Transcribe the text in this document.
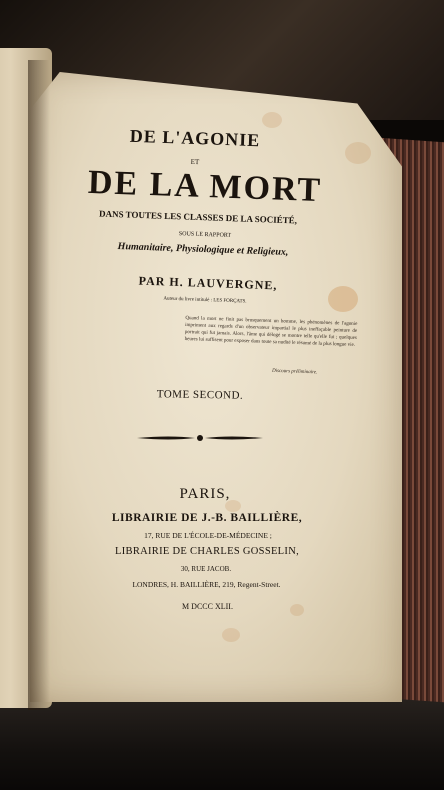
DE L'AGONIE
ET
DE LA MORT
DANS TOUTES LES CLASSES DE LA SOCIÉTÉ,
SOUS LE RAPPORT
Humanitaire, Physiologique et Religieux,
PAR H. LAUVERGNE,
Auteur du livre intitulé : LES FORÇATS.
Quand la mort ne finit pas brusquement un homme, les phénomènes de l'agonie impriment aux regards d'un observateur impartial le plus ineffaçable peinture de portrait qui fut jamais. Alors, l'âme qui délogé se montre telle qu'elle fut ; quelques heures lui suffisent pour exposer dans toute sa nudité le résumé de la plus longue vie.
Discours préliminaire.
TOME SECOND.
PARIS,
LIBRAIRIE DE J.-B. BAILLIÈRE,
17, RUE DE L'ÉCOLE-DE-MÉDECINE ;
LIBRAIRIE DE CHARLES GOSSELIN,
30, RUE JACOB.
LONDRES, H. BAILLIÈRE, 219, Regent-Street.
M DCCC XLII.
